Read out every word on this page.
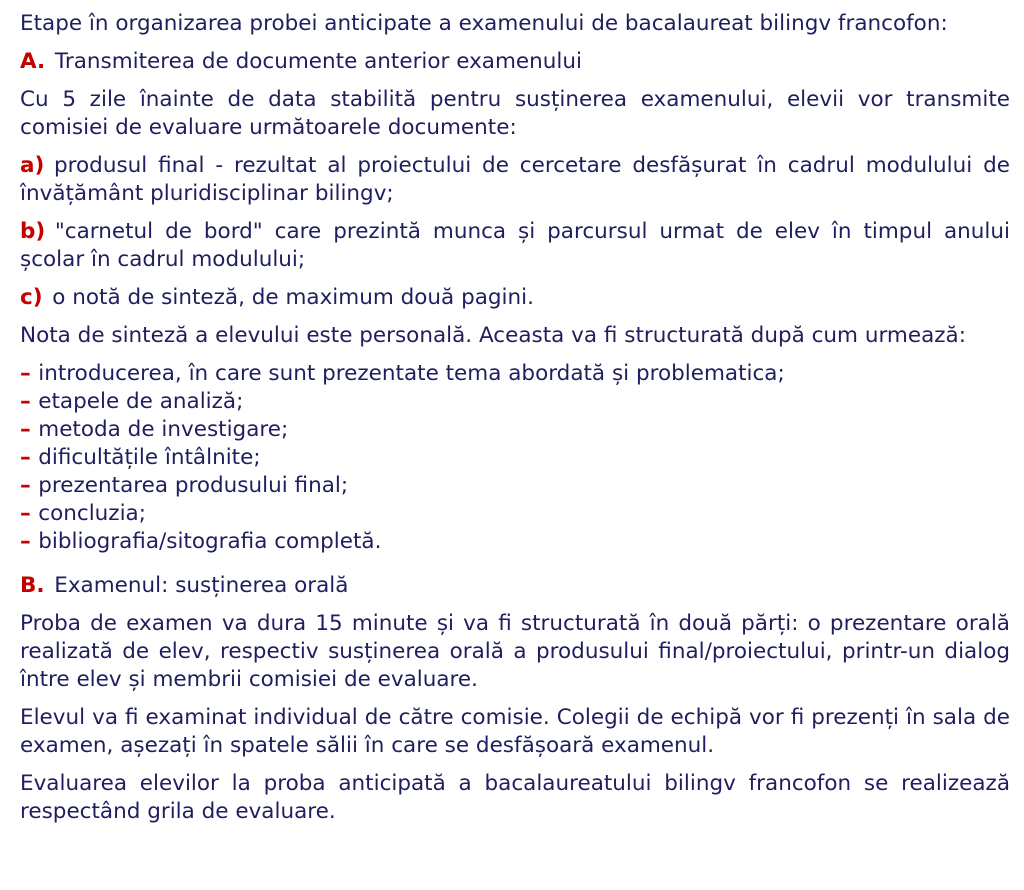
Etape în organizarea probei anticipate a examenului de bacalaureat bilingv francofon:

A. Transmiterea de documente anterior examenului

Cu 5 zile înainte de data stabilită pentru susținerea examenului, elevii vor transmite comisiei de evaluare următoarele documente:

a) produsul final - rezultat al proiectului de cercetare desfășurat în cadrul modulului de învățământ pluridisciplinar bilingv;

b) "carnetul de bord" care prezintă munca și parcursul urmat de elev în timpul anului școlar în cadrul modulului;

c) o notă de sinteză, de maximum două pagini.

Nota de sinteză a elevului este personală. Aceasta va fi structurată după cum urmează:

– introducerea, în care sunt prezentate tema abordată și problematica;

– etapele de analiză;

– metoda de investigare;

– dificultățile întâlnite;

– prezentarea produsului final;

– concluzia;

– bibliografia/sitografia completă.

B. Examenul: susținerea orală

Proba de examen va dura 15 minute și va fi structurată în două părți: o prezentare orală realizată de elev, respectiv susținerea orală a produsului final/proiectului, printr-un dialog între elev și membrii comisiei de evaluare.

Elevul va fi examinat individual de către comisie. Colegii de echipă vor fi prezenți în sala de examen, așezați în spatele sălii în care se desfășoară examenul.

Evaluarea elevilor la proba anticipată a bacalaureatului bilingv francofon se realizează respectând grila de evaluare.
